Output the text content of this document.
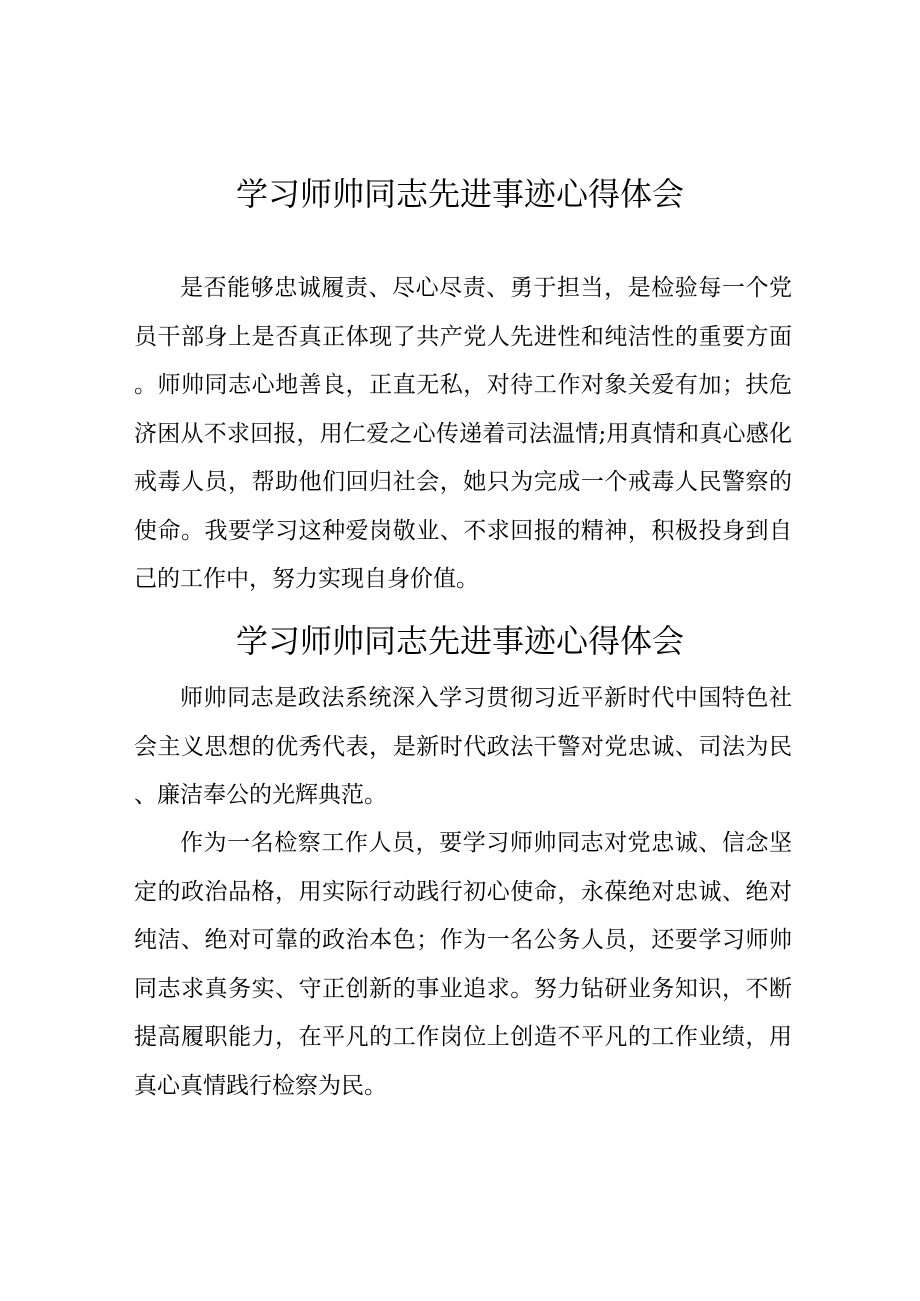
学习师帅同志先进事迹心得体会

是否能够忠诚履责、尽心尽责、勇于担当，是检验每一个党员干部身上是否真正体现了共产党人先进性和纯洁性的重要方面。师帅同志心地善良，正直无私，对待工作对象关爱有加；扶危济困从不求回报，用仁爱之心传递着司法温情;用真情和真心感化戒毒人员，帮助他们回归社会，她只为完成一个戒毒人民警察的使命。我要学习这种爱岗敬业、不求回报的精神，积极投身到自己的工作中，努力实现自身价值。

学习师帅同志先进事迹心得体会

师帅同志是政法系统深入学习贯彻习近平新时代中国特色社会主义思想的优秀代表，是新时代政法干警对党忠诚、司法为民、廉洁奉公的光辉典范。

作为一名检察工作人员，要学习师帅同志对党忠诚、信念坚定的政治品格，用实际行动践行初心使命，永葆绝对忠诚、绝对纯洁、绝对可靠的政治本色；作为一名公务人员，还要学习师帅同志求真务实、守正创新的事业追求。努力钻研业务知识，不断提高履职能力，在平凡的工作岗位上创造不平凡的工作业绩，用真心真情践行检察为民。
